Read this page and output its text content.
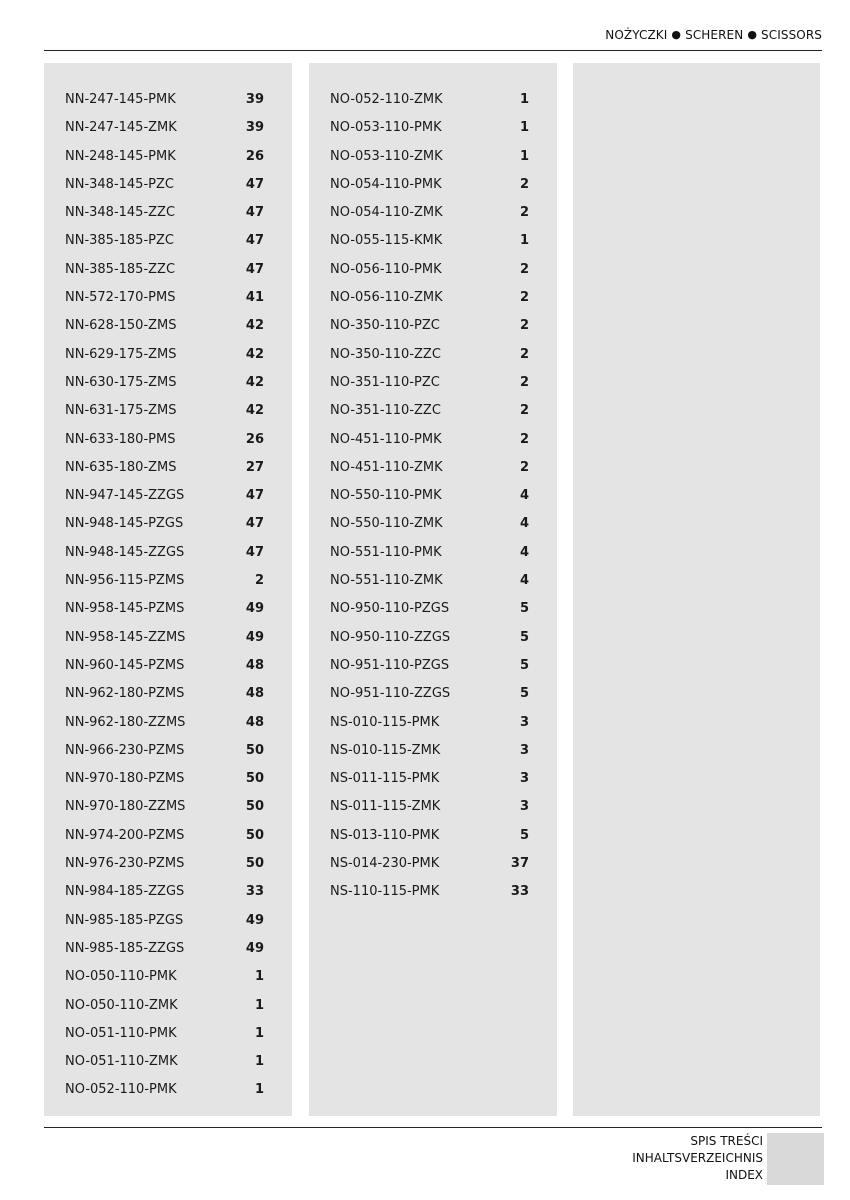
NOŻYCZKI ● SCHEREN ● SCISSORS
NN-247-145-PMK	39
NN-247-145-ZMK	39
NN-248-145-PMK	26
NN-348-145-PZC	47
NN-348-145-ZZC	47
NN-385-185-PZC	47
NN-385-185-ZZC	47
NN-572-170-PMS	41
NN-628-150-ZMS	42
NN-629-175-ZMS	42
NN-630-175-ZMS	42
NN-631-175-ZMS	42
NN-633-180-PMS	26
NN-635-180-ZMS	27
NN-947-145-ZZGS	47
NN-948-145-PZGS	47
NN-948-145-ZZGS	47
NN-956-115-PZMS	2
NN-958-145-PZMS	49
NN-958-145-ZZMS	49
NN-960-145-PZMS	48
NN-962-180-PZMS	48
NN-962-180-ZZMS	48
NN-966-230-PZMS	50
NN-970-180-PZMS	50
NN-970-180-ZZMS	50
NN-974-200-PZMS	50
NN-976-230-PZMS	50
NN-984-185-ZZGS	33
NN-985-185-PZGS	49
NN-985-185-ZZGS	49
NO-050-110-PMK	1
NO-050-110-ZMK	1
NO-051-110-PMK	1
NO-051-110-ZMK	1
NO-052-110-PMK	1
NO-052-110-ZMK	1
NO-053-110-PMK	1
NO-053-110-ZMK	1
NO-054-110-PMK	2
NO-054-110-ZMK	2
NO-055-115-KMK	1
NO-056-110-PMK	2
NO-056-110-ZMK	2
NO-350-110-PZC	2
NO-350-110-ZZC	2
NO-351-110-PZC	2
NO-351-110-ZZC	2
NO-451-110-PMK	2
NO-451-110-ZMK	2
NO-550-110-PMK	4
NO-550-110-ZMK	4
NO-551-110-PMK	4
NO-551-110-ZMK	4
NO-950-110-PZGS	5
NO-950-110-ZZGS	5
NO-951-110-PZGS	5
NO-951-110-ZZGS	5
NS-010-115-PMK	3
NS-010-115-ZMK	3
NS-011-115-PMK	3
NS-011-115-ZMK	3
NS-013-110-PMK	5
NS-014-230-PMK	37
NS-110-115-PMK	33
SPIS TREŚCI
INHALTSVERZEICHNIS
INDEX
